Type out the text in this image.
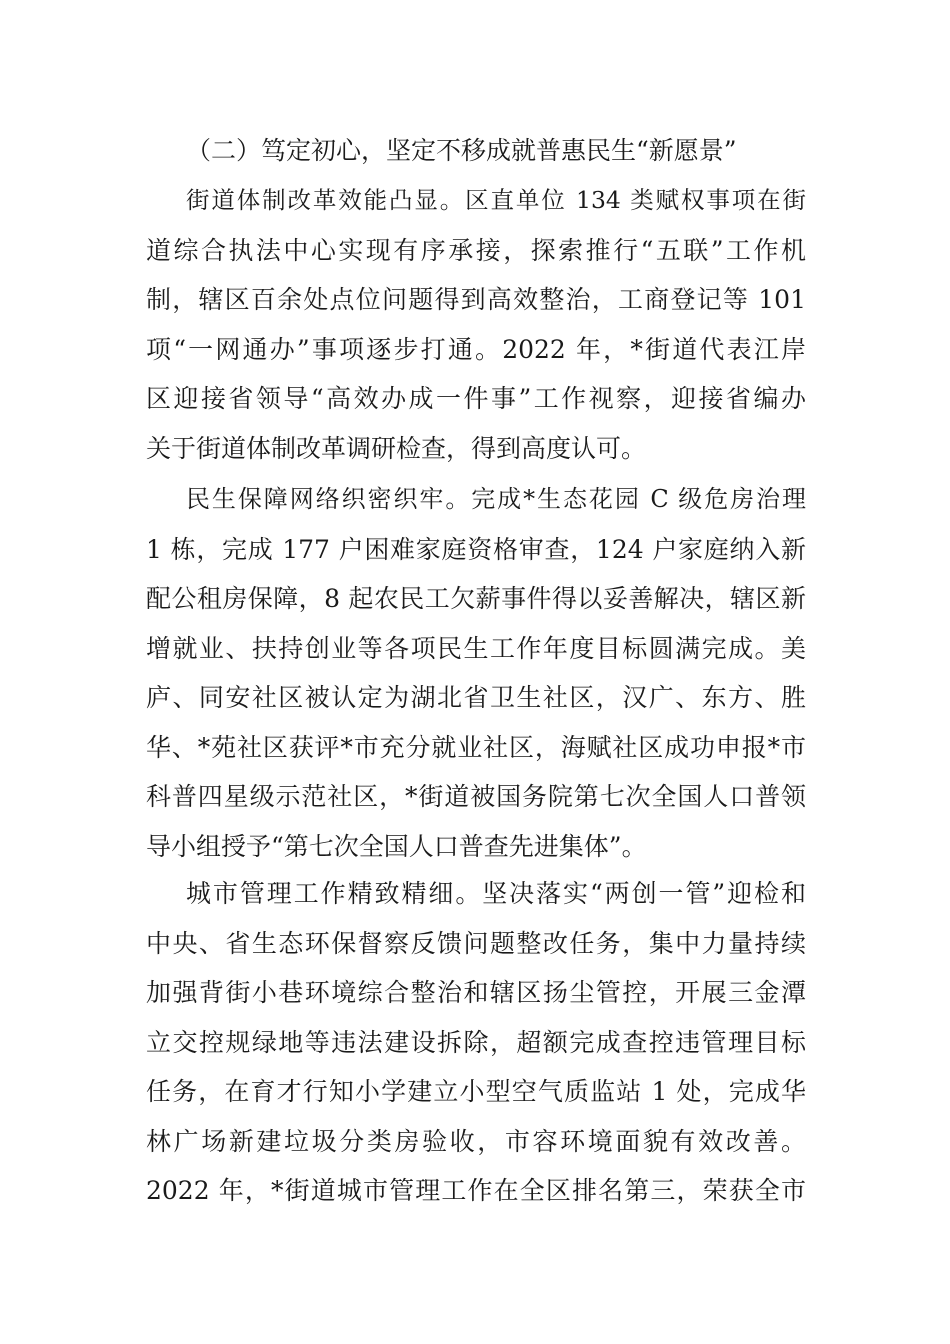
（二）笃定初心，坚定不移成就普惠民生“新愿景”
街道体制改革效能凸显。区直单位 134 类赋权事项在街
道综合执法中心实现有序承接，探索推行“五联”工作机
制，辖区百余处点位问题得到高效整治，工商登记等 101
项“一网通办”事项逐步打通。2022 年，*街道代表江岸
区迎接省领导“高效办成一件事”工作视察，迎接省编办
关于街道体制改革调研检查，得到高度认可。
民生保障网络织密织牢。完成*生态花园 C 级危房治理
1 栋，完成 177 户困难家庭资格审查，124 户家庭纳入新
配公租房保障，8 起农民工欠薪事件得以妥善解决，辖区新
增就业、扶持创业等各项民生工作年度目标圆满完成。美
庐、同安社区被认定为湖北省卫生社区，汉广、东方、胜
华、*苑社区获评*市充分就业社区，海赋社区成功申报*市
科普四星级示范社区，*街道被国务院第七次全国人口普领
导小组授予“第七次全国人口普查先进集体”。
城市管理工作精致精细。坚决落实“两创一管”迎检和
中央、省生态环保督察反馈问题整改任务，集中力量持续
加强背街小巷环境综合整治和辖区扬尘管控，开展三金潭
立交控规绿地等违法建设拆除，超额完成查控违管理目标
任务，在育才行知小学建立小型空气质监站 1 处，完成华
林广场新建垃圾分类房验收，市容环境面貌有效改善。
2022 年，*街道城市管理工作在全区排名第三，荣获全市
